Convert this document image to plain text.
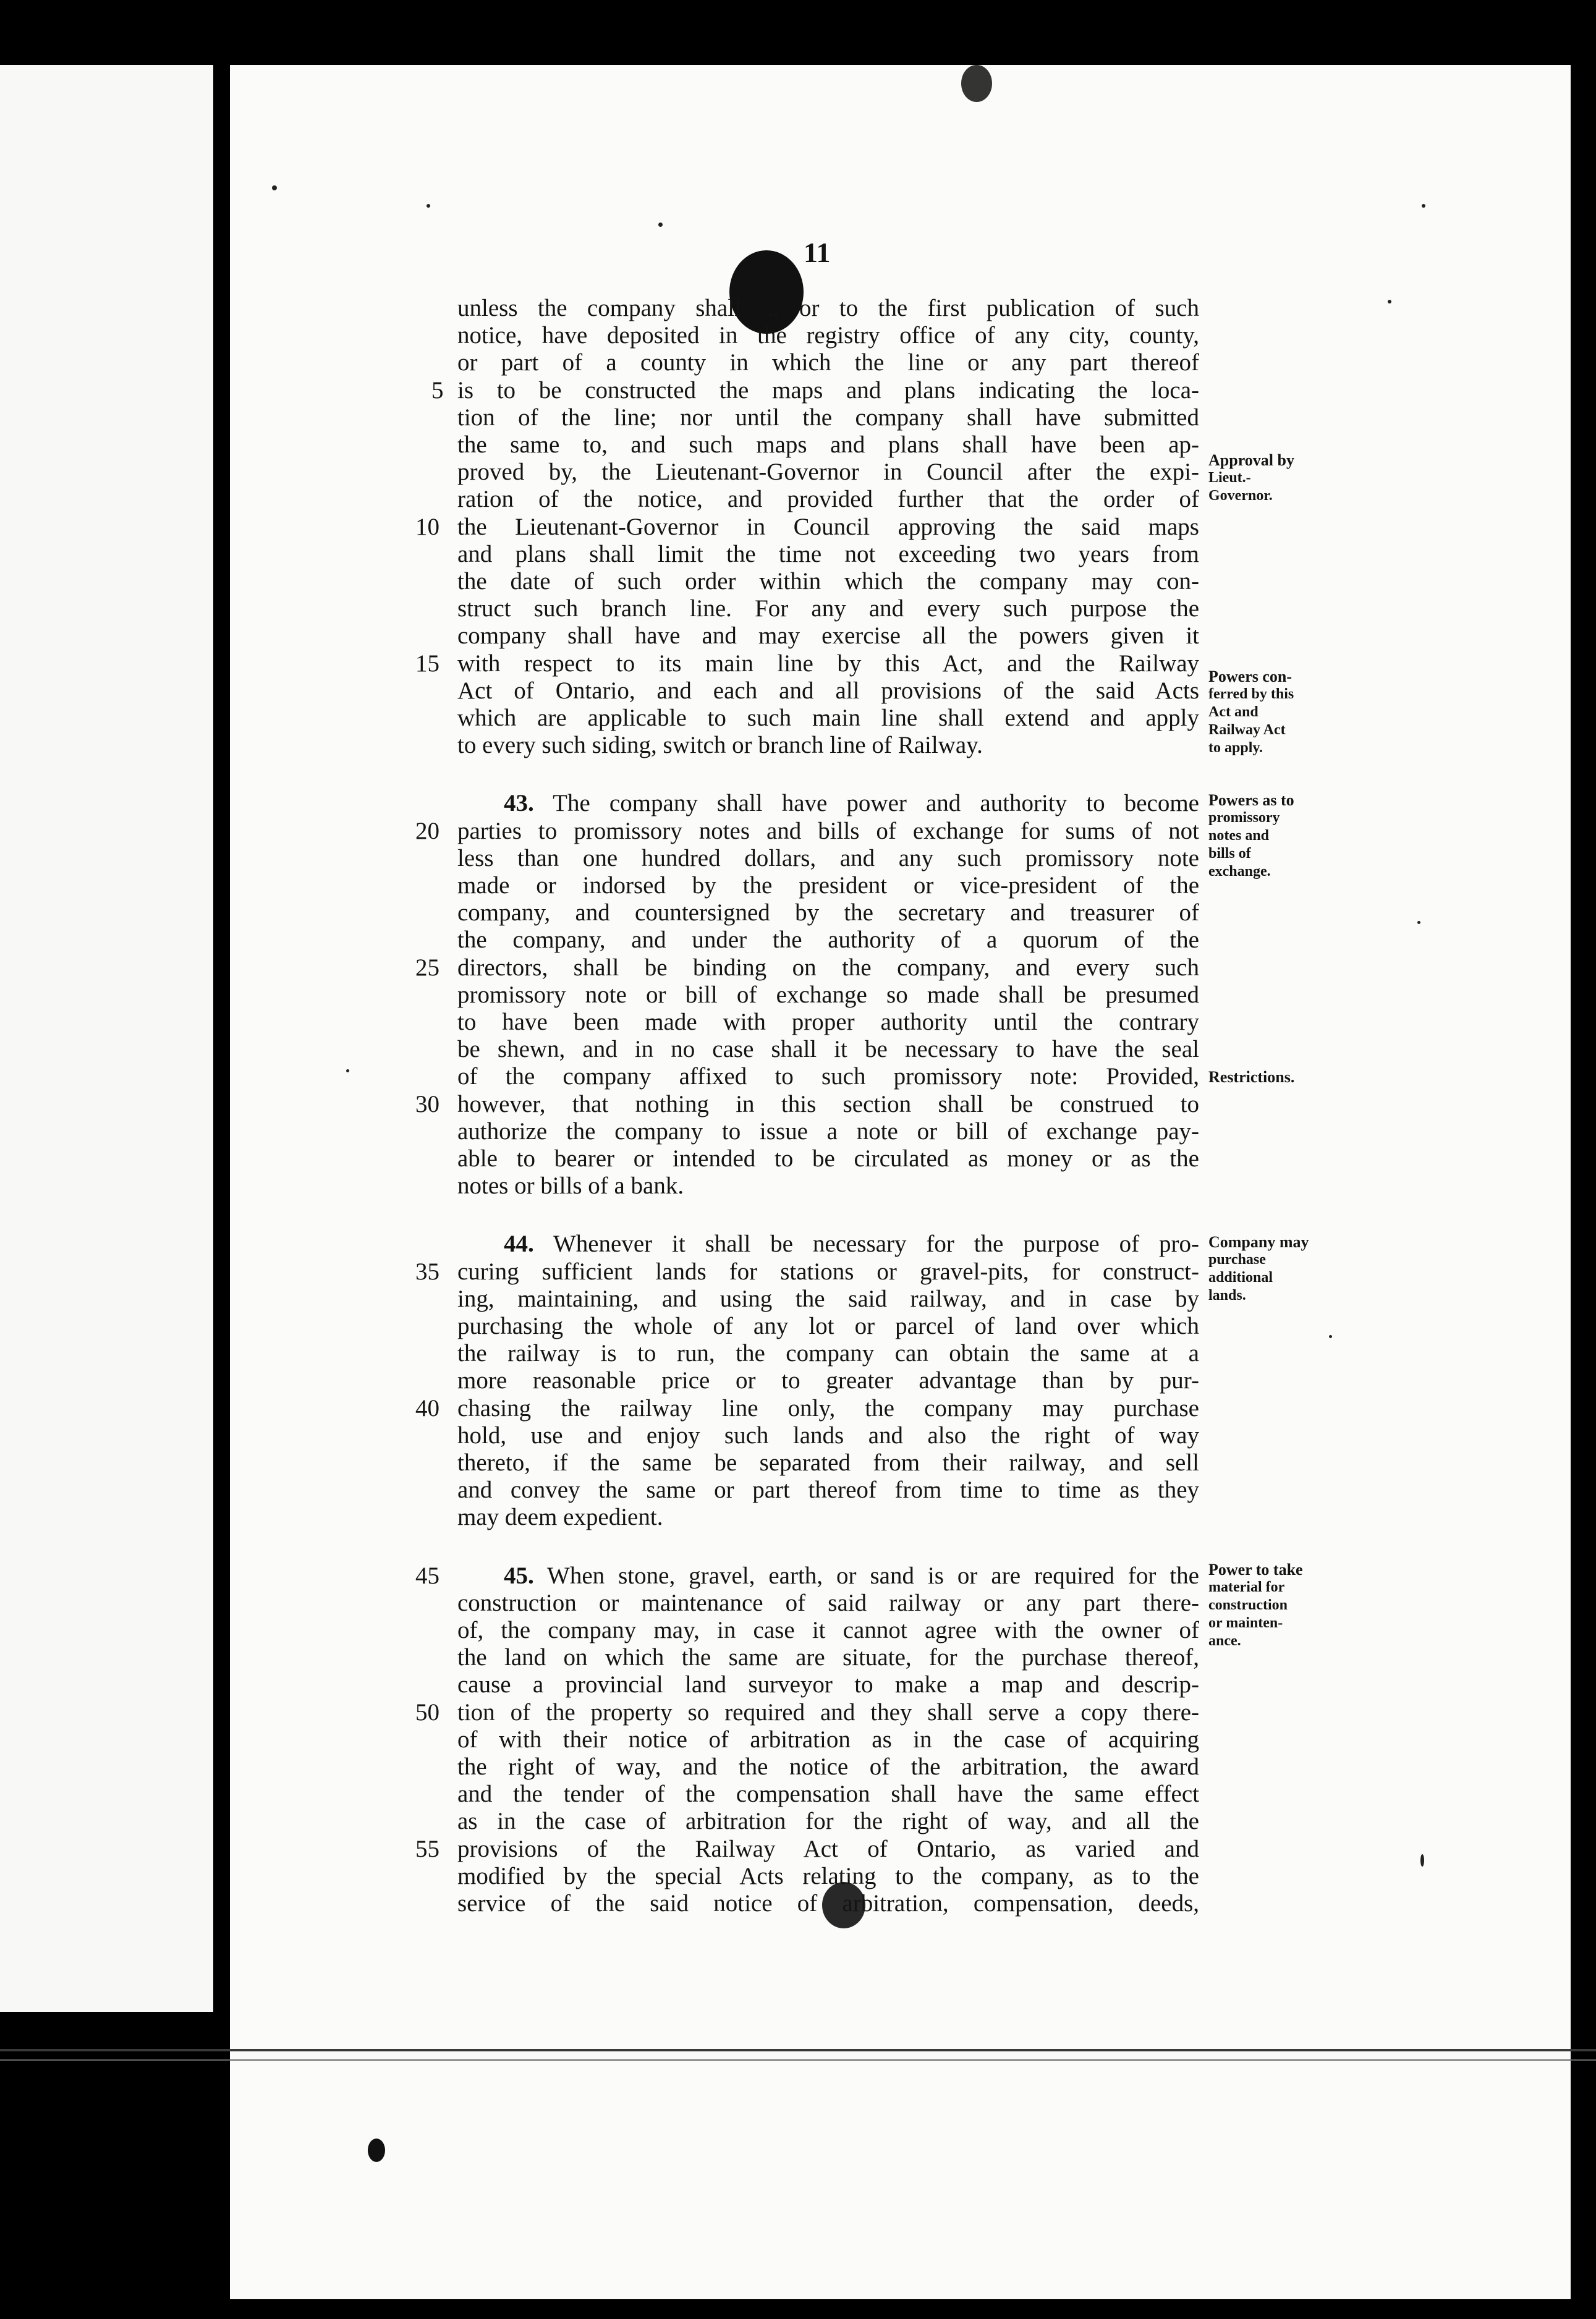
11
unless the company shall ... or to the first publication of such
notice, have deposited in the registry office of any city, county,
or part of a county in which the line or any part thereof
is to be constructed the maps and plans indicating the loca-
tion of the line; nor until the company shall have submitted
the same to, and such maps and plans shall have been ap-
proved by, the Lieutenant-Governor in Council after the expi-
ration of the notice, and provided further that the order of
the Lieutenant-Governor in Council approving the said maps
and plans shall limit the time not exceeding two years from
the date of such order within which the company may con-
struct such branch line. For any and every such purpose the
company shall have and may exercise all the powers given it
with respect to its main line by this Act, and the Railway
Act of Ontario, and each and all provisions of the said Acts
which are applicable to such main line shall extend and apply
to every such siding, switch or branch line of Railway.
43. The company shall have power and authority to become
parties to promissory notes and bills of exchange for sums of not
less than one hundred dollars, and any such promissory note
made or indorsed by the president or vice-president of the
company, and countersigned by the secretary and treasurer of
the company, and under the authority of a quorum of the
directors, shall be binding on the company, and every such
promissory note or bill of exchange so made shall be presumed
to have been made with proper authority until the contrary
be shewn, and in no case shall it be necessary to have the seal
of the company affixed to such promissory note: Provided,
however, that nothing in this section shall be construed to
authorize the company to issue a note or bill of exchange pay-
able to bearer or intended to be circulated as money or as the
notes or bills of a bank.
44. Whenever it shall be necessary for the purpose of pro-
curing sufficient lands for stations or gravel-pits, for construct-
ing, maintaining, and using the said railway, and in case by
purchasing the whole of any lot or parcel of land over which
the railway is to run, the company can obtain the same at a
more reasonable price or to greater advantage than by pur-
chasing the railway line only, the company may purchase
hold, use and enjoy such lands and also the right of way
thereto, if the same be separated from their railway, and sell
and convey the same or part thereof from time to time as they
may deem expedient.
45. When stone, gravel, earth, or sand is or are required for the
construction or maintenance of said railway or any part there-
of, the company may, in case it cannot agree with the owner of
the land on which the same are situate, for the purchase thereof,
cause a provincial land surveyor to make a map and descrip-
tion of the property so required and they shall serve a copy there-
of with their notice of arbitration as in the case of acquiring
the right of way, and the notice of the arbitration, the award
and the tender of the compensation shall have the same effect
as in the case of arbitration for the right of way, and all the
provisions of the Railway Act of Ontario, as varied and
modified by the special Acts relating to the company, as to the
service of the said notice of arbitration, compensation, deeds,
5
10
15
20
25
30
35
40
45
50
55
Approval by
Lieut.-
Governor.
Powers con-
ferred by this
Act and
Railway Act
to apply.
Powers as to
promissory
notes and
bills of
exchange.
Restrictions.
Company may
purchase
additional
lands.
Power to take
material for
construction
or mainten-
ance.
